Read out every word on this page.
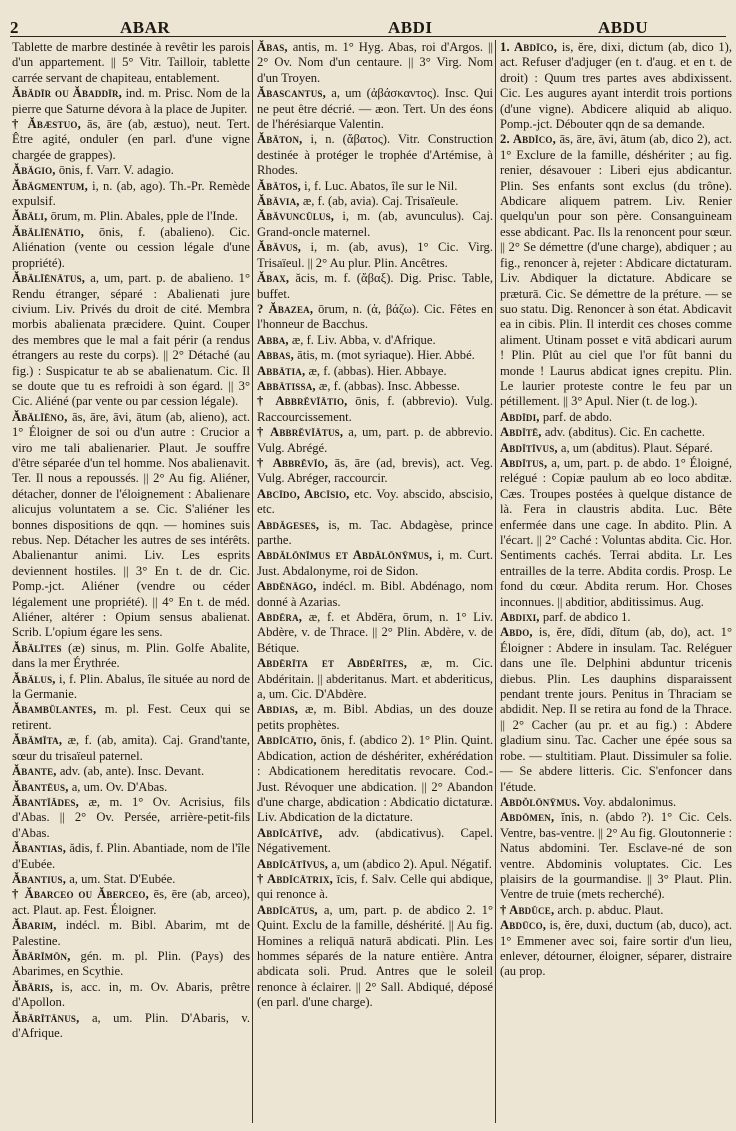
2	ABAR	ABDI	ABDU

Tablette de marbre destinée à revêtir les parois d'un appartement. || 5° Vitr. Tailloir, tablette carrée servant de chapiteau, entablement.

Ăbădīr ou Ăbaddīr, ind. m. Prisc. Nom de la pierre que Saturne dévora à la place de Jupiter.

† Ăbæstuo, ās, āre (ab, æstuo), neut. Tert. Être agité, onduler (en parl. d'une vigne chargée de grappes).

Ăbăgio, ōnis, f. Varr. V. adagio.

Ăbăgmentum, i, n. (ab, ago). Th.-Pr. Remède expulsif.

Ăbăli, ōrum, m. Plin. Abales, pple de l'Inde.

Ăbălĭēnātio, ōnis, f. (abalieno). Cic. Aliénation (vente ou cession légale d'une propriété).

Ăbălĭēnātus, a, um, part. p. de abalieno. 1° Rendu étranger, séparé : Abalienati jure civium. Liv. Privés du droit de cité. Membra morbis abalienata præcidere. Quint. Couper des membres que le mal a fait périr (a rendus étrangers au reste du corps). || 2° Détaché (au fig.) : Suspicatur te ab se abalienatum. Cic. Il se doute que tu es refroidi à son égard. || 3° Cic. Aliéné (par vente ou par cession légale).

Ăbălĭēno, ās, āre, āvi, ātum (ab, alieno), act. 1° Éloigner de soi ou d'un autre : Crucior a viro me tali abalienarier. Plaut. Je souffre d'être séparée d'un tel homme. Nos abalienavit. Ter. Il nous a repoussés. || 2° Au fig. Aliéner, détacher, donner de l'éloignement : Abalienare alicujus voluntatem a se. Cic. S'aliéner les bonnes dispositions de qqn. — homines suis rebus. Nep. Détacher les autres de ses intérêts. Abalienantur animi. Liv. Les esprits deviennent hostiles. || 3° En t. de dr. Cic. Pomp.-jct. Aliéner (vendre ou céder légalement une propriété). || 4° En t. de méd. Aliéner, altérer : Opium sensus abalienat. Scrib. L'opium égare les sens.

Ăbălītes (æ) sinus, m. Plin. Golfe Abalite, dans la mer Érythrée.

Ăbălus, i, f. Plin. Abalus, île située au nord de la Germanie.

Ăbambŭlantes, m. pl. Fest. Ceux qui se retirent.

Ăbămĭta, æ, f. (ab, amita). Caj. Grand'tante, sœur du trisaïeul paternel.

Ăbante, adv. (ab, ante). Insc. Devant.

Ăbantēus, a, um. Ov. D'Abas.

Ăbantĭădes, æ, m. 1° Ov. Acrisius, fils d'Abas. || 2° Ov. Persée, arrière-petit-fils d'Abas.

Ăbantias, ădis, f. Plin. Abantiade, nom de l'île d'Eubée.

Ăbantius, a, um. Stat. D'Eubée.

† Ăbarceo ou Ăberceo, ēs, ēre (ab, arceo), act. Plaut. ap. Fest. Éloigner.

Ăbarim, indécl. m. Bibl. Abarim, mt de Palestine.

Ăbărĭmōn, gén. m. pl. Plin. (Pays) des Abarimes, en Scythie.

Ăbăris, is, acc. in, m. Ov. Abaris, prêtre d'Apollon.

Ăbărītānus, a, um. Plin. D'Abaris, v. d'Afrique.

Ăbas, antis, m. 1° Hyg. Abas, roi d'Argos. || 2° Ov. Nom d'un centaure. || 3° Virg. Nom d'un Troyen.

Ăbascantus, a, um (ἀβάσκαντος). Insc. Qui ne peut être décrié. — æon. Tert. Un des éons de l'hérésiarque Valentin.

Ăbăton, i, n. (ἄβατος). Vitr. Construction destinée à protéger le trophée d'Artémise, à Rhodes.

Ăbătos, i, f. Luc. Abatos, île sur le Nil.

Ăbăvia, æ, f. (ab, avia). Caj. Trisaïeule.

Ăbăvuncŭlus, i, m. (ab, avunculus). Caj. Grand-oncle maternel.

Ăbăvus, i, m. (ab, avus), 1° Cic. Virg. Trisaïeul. || 2° Au plur. Plin. Ancêtres.

Ăbax, ăcis, m. f. (ἄβαξ). Dig. Prisc. Table, buffet.

? Ăbazea, ōrum, n. (ἀ, βάζω). Cic. Fêtes en l'honneur de Bacchus.

Abba, æ, f. Liv. Abba, v. d'Afrique.

Abbas, ātis, m. (mot syriaque). Hier. Abbé.

Abbātia, æ, f. (abbas). Hier. Abbaye.

Abbātissa, æ, f. (abbas). Insc. Abbesse.

† Abbrĕvĭātio, ōnis, f. (abbrevio). Vulg. Raccourcissement.

† Abbrĕvĭātus, a, um, part. p. de abbrevio. Vulg. Abrégé.

† Abbrĕvĭo, ās, āre (ad, brevis), act. Veg. Vulg. Abréger, raccourcir.

Abcīdo, Abcīsio, etc. Voy. abscido, abscisio, etc.

Abdăgeses, is, m. Tac. Abdagèse, prince parthe.

Abdălōnĭmus et Abdălōnȳmus, i, m. Curt. Just. Abdalonyme, roi de Sidon.

Abdĕnāgo, indécl. m. Bibl. Abdénago, nom donné à Azarias.

Abdēra, æ, f. et Abdēra, ōrum, n. 1° Liv. Abdère, v. de Thrace. || 2° Plin. Abdère, v. de Bétique.

Abdērīta et Abdērītes, æ, m. Cic. Abdéritain. || abderitanus. Mart. et abderiticus, a, um. Cic. D'Abdère.

Abdias, æ, m. Bibl. Abdias, un des douze petits prophètes.

Abdĭcātio, ōnis, f. (abdico 2). 1° Plin. Quint. Abdication, action de déshériter, exhérédation : Abdicationem hereditatis revocare. Cod.-Just. Révoquer une abdication. || 2° Abandon d'une charge, abdication : Abdicatio dictaturæ. Liv. Abdication de la dictature.

Abdĭcātīvē, adv. (abdicativus). Capel. Négativement.

Abdĭcātīvus, a, um (abdico 2). Apul. Négatif.

† Abdĭcātrix, īcis, f. Salv. Celle qui abdique, qui renonce à.

Abdĭcātus, a, um, part. p. de abdico 2. 1° Quint. Exclu de la famille, déshérité. || Au fig. Homines a reliquā naturā abdicati. Plin. Les hommes séparés de la nature entière. Antra abdicata soli. Prud. Antres que le soleil renonce à éclairer. || 2° Sall. Abdiqué, déposé (en parl. d'une charge).

1. Abdīco, is, ĕre, dixi, dictum (ab, dico 1), act. Refuser d'adjuger (en t. d'aug. et en t. de droit) : Quum tres partes aves abdixissent. Cic. Les augures ayant interdit trois portions (d'une vigne). Abdicere aliquid ab aliquo. Pomp.-jct. Débouter qqn de sa demande.

2. Abdĭco, ās, āre, āvi, ātum (ab, dico 2), act. 1° Exclure de la famille, déshériter ; au fig. renier, désavouer : Liberi ejus abdicantur. Plin. Ses enfants sont exclus (du trône). Abdicare aliquem patrem. Liv. Renier quelqu'un pour son père. Consanguineam esse abdicant. Pac. Ils la renoncent pour sœur. || 2° Se démettre (d'une charge), abdiquer ; au fig., renoncer à, rejeter : Abdicare dictaturam. Liv. Abdiquer la dictature. Abdicare se præturā. Cic. Se démettre de la préture. — se suo statu. Dig. Renoncer à son état. Abdicavit ea in cibis. Plin. Il interdit ces choses comme aliment. Utinam posset e vitā abdicari aurum ! Plin. Plût au ciel que l'or fût banni du monde ! Laurus abdicat ignes crepitu. Plin. Le laurier proteste contre le feu par un pétillement. || 3° Apul. Nier (t. de log.).

Abdīdi, parf. de abdo.

Abdĭtē, adv. (abditus). Cic. En cachette.

Abdĭtīvus, a, um (abditus). Plaut. Séparé.

Abdĭtus, a, um, part. p. de abdo. 1° Éloigné, relégué : Copiæ paulum ab eo loco abditæ. Cæs. Troupes postées à quelque distance de là. Fera in claustris abdita. Luc. Bête enfermée dans une cage. In abdito. Plin. A l'écart. || 2° Caché : Voluntas abdita. Cic. Hor. Sentiments cachés. Terrai abdita. Lr. Les entrailles de la terre. Abdita cordis. Prosp. Le fond du cœur. Abdita rerum. Hor. Choses inconnues. || abditior, abditissimus. Aug.

Abdixi, parf. de abdico 1.

Abdo, is, ĕre, dĭdi, dĭtum (ab, do), act. 1° Éloigner : Abdere in insulam. Tac. Reléguer dans une île. Delphini abduntur tricenis diebus. Plin. Les dauphins disparaissent pendant trente jours. Penitus in Thraciam se abdidit. Nep. Il se retira au fond de la Thrace. || 2° Cacher (au pr. et au fig.) : Abdere gladium sinu. Tac. Cacher une épée sous sa robe. — stultitiam. Plaut. Dissimuler sa folie. — Se abdere litteris. Cic. S'enfoncer dans l'étude.

Abdŏlōnȳmus. Voy. abdalonimus.

Abdōmen, ĭnis, n. (abdo ?). 1° Cic. Cels. Ventre, bas-ventre. || 2° Au fig. Gloutonnerie : Natus abdomini. Ter. Esclave-né de son ventre. Abdominis voluptates. Cic. Les plaisirs de la gourmandise. || 3° Plaut. Plin. Ventre de truie (mets recherché).

† Abdŭce, arch. p. abduc. Plaut.

Abdūco, is, ĕre, duxi, ductum (ab, duco), act. 1° Emmener avec soi, faire sortir d'un lieu, enlever, détourner, éloigner, séparer, distraire (au prop.
